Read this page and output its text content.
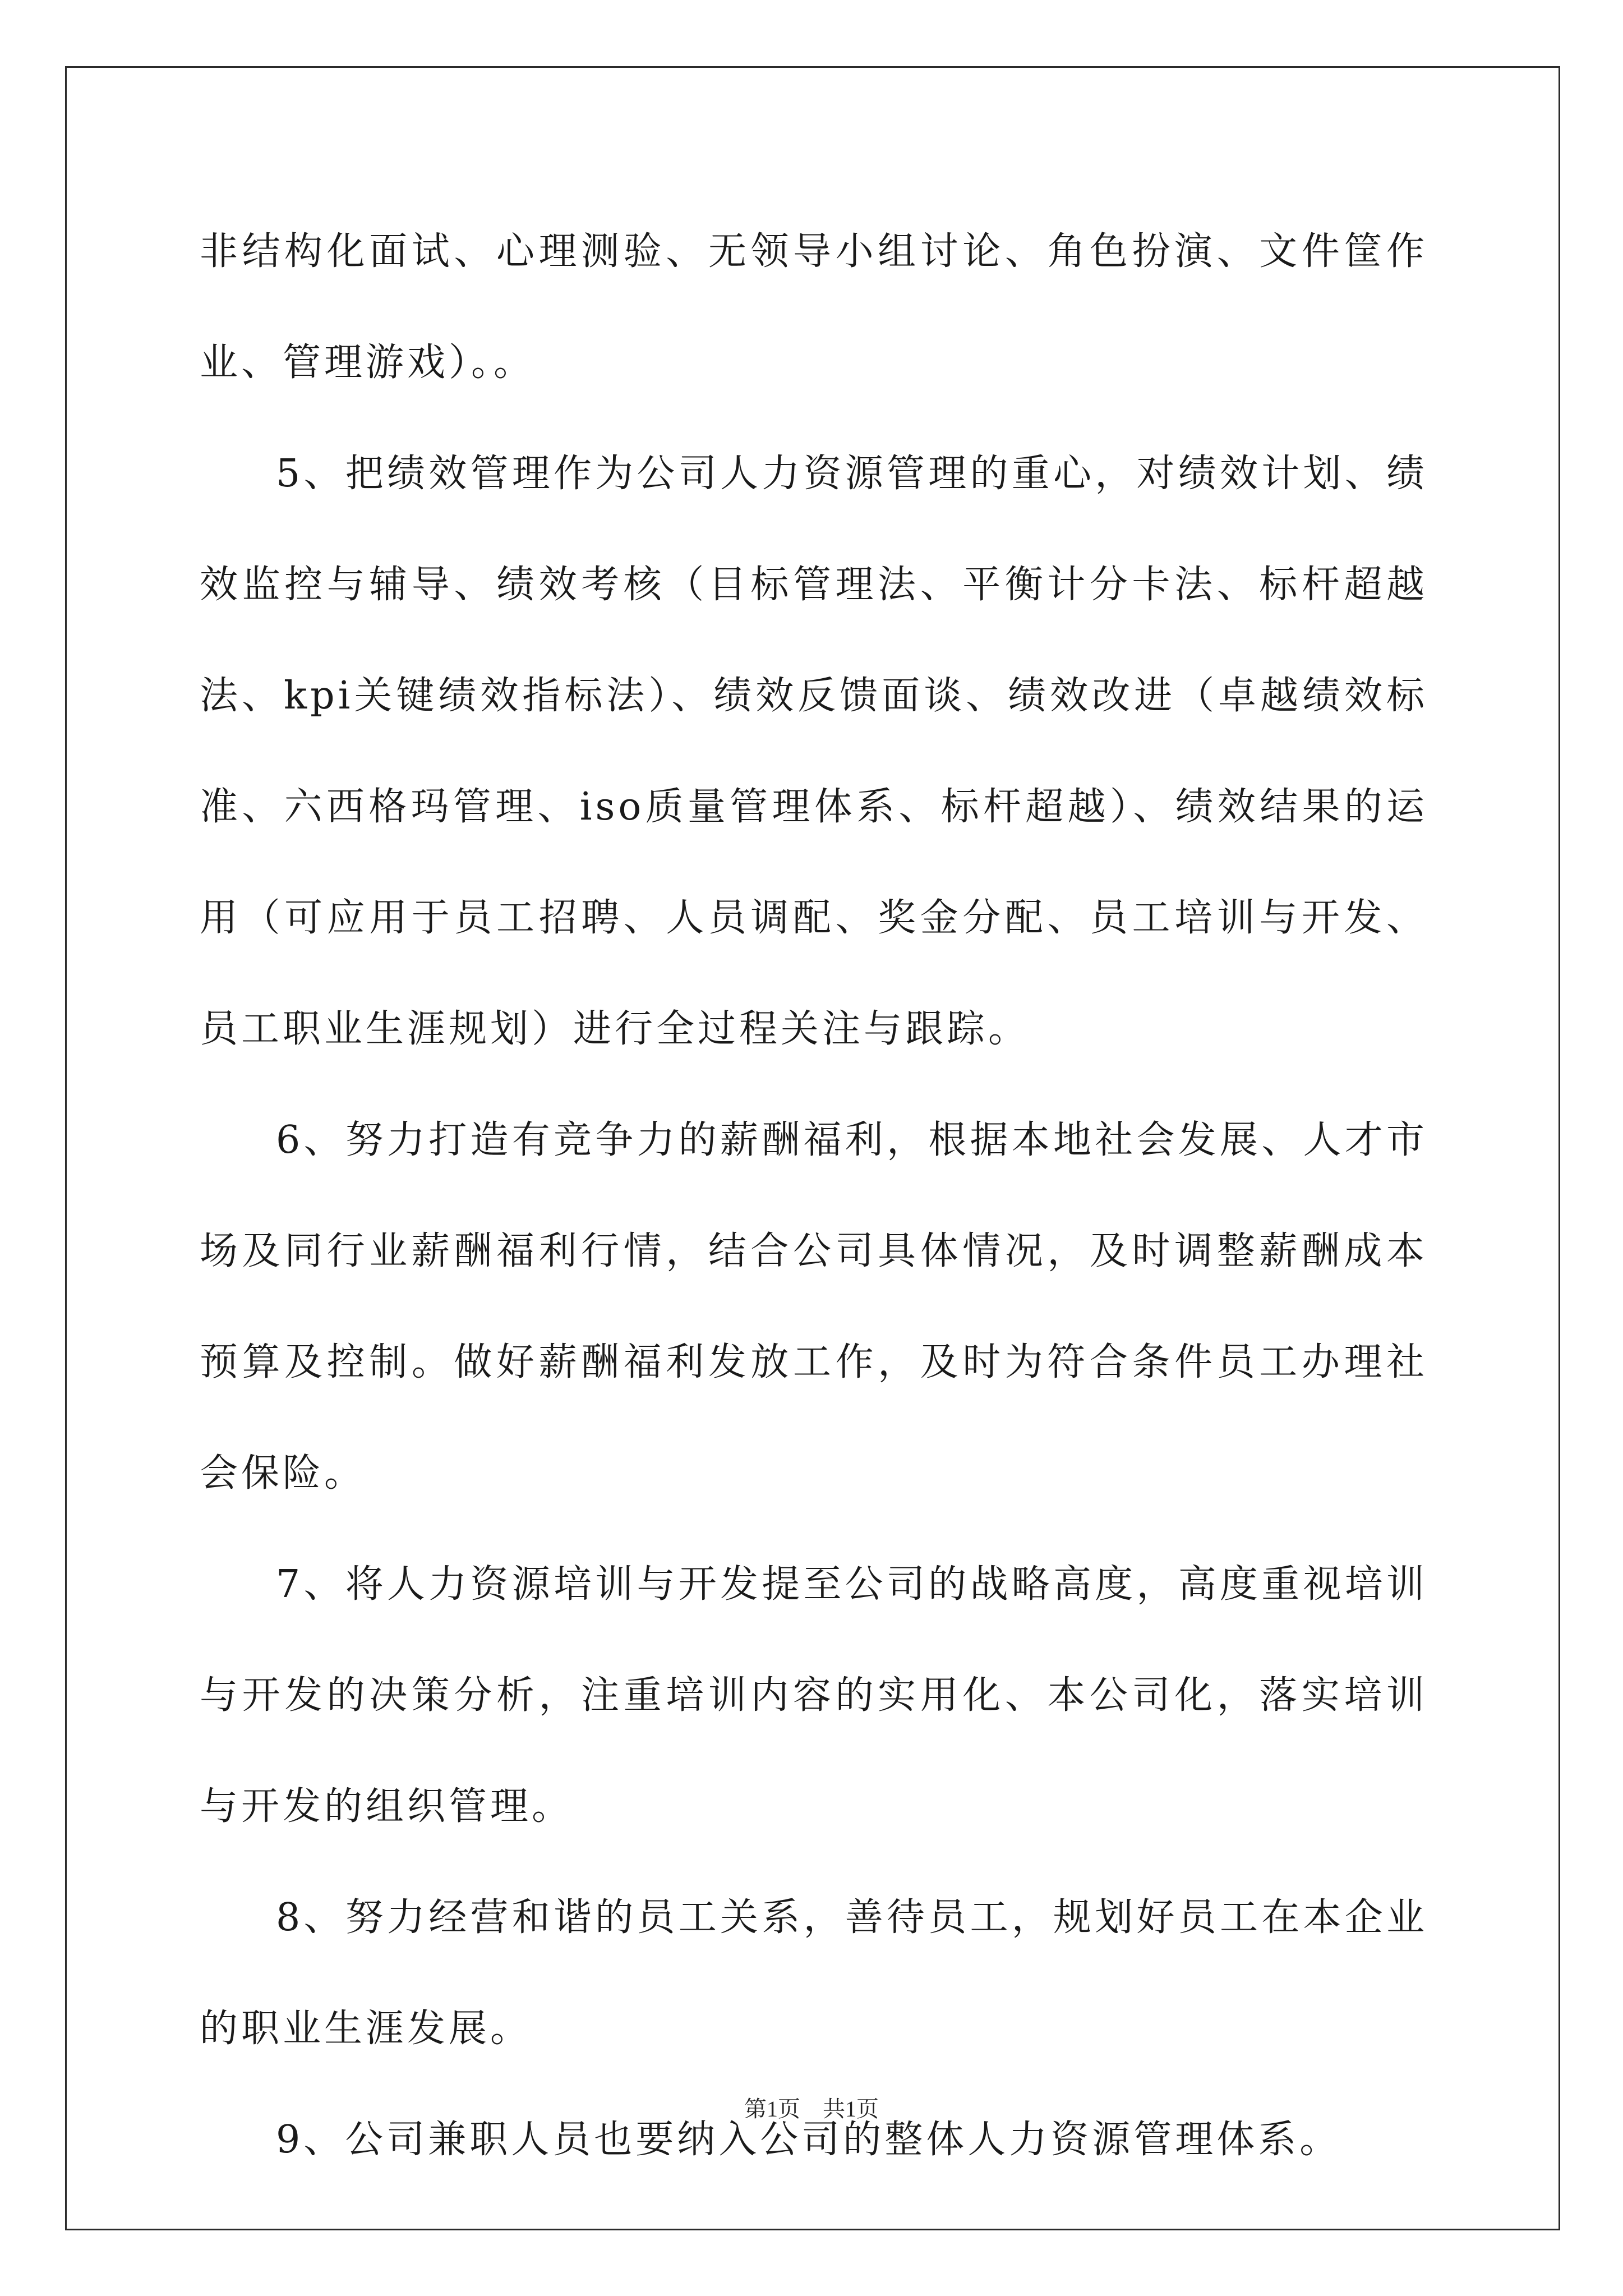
非结构化面试、心理测验、无领导小组讨论、角色扮演、文件筐作业、管理游戏）。。

5、把绩效管理作为公司人力资源管理的重心，对绩效计划、绩效监控与辅导、绩效考核（目标管理法、平衡计分卡法、标杆超越法、kpi关键绩效指标法）、绩效反馈面谈、绩效改进（卓越绩效标准、六西格玛管理、iso质量管理体系、标杆超越）、绩效结果的运用（可应用于员工招聘、人员调配、奖金分配、员工培训与开发、员工职业生涯规划）进行全过程关注与跟踪。

6、努力打造有竞争力的薪酬福利，根据本地社会发展、人才市场及同行业薪酬福利行情，结合公司具体情况，及时调整薪酬成本预算及控制。做好薪酬福利发放工作，及时为符合条件员工办理社会保险。

7、将人力资源培训与开发提至公司的战略高度，高度重视培训与开发的决策分析，注重培训内容的实用化、本公司化，落实培训与开发的组织管理。

8、努力经营和谐的员工关系，善待员工，规划好员工在本企业的职业生涯发展。

9、公司兼职人员也要纳入公司的整体人力资源管理体系。

第1页　共1页
